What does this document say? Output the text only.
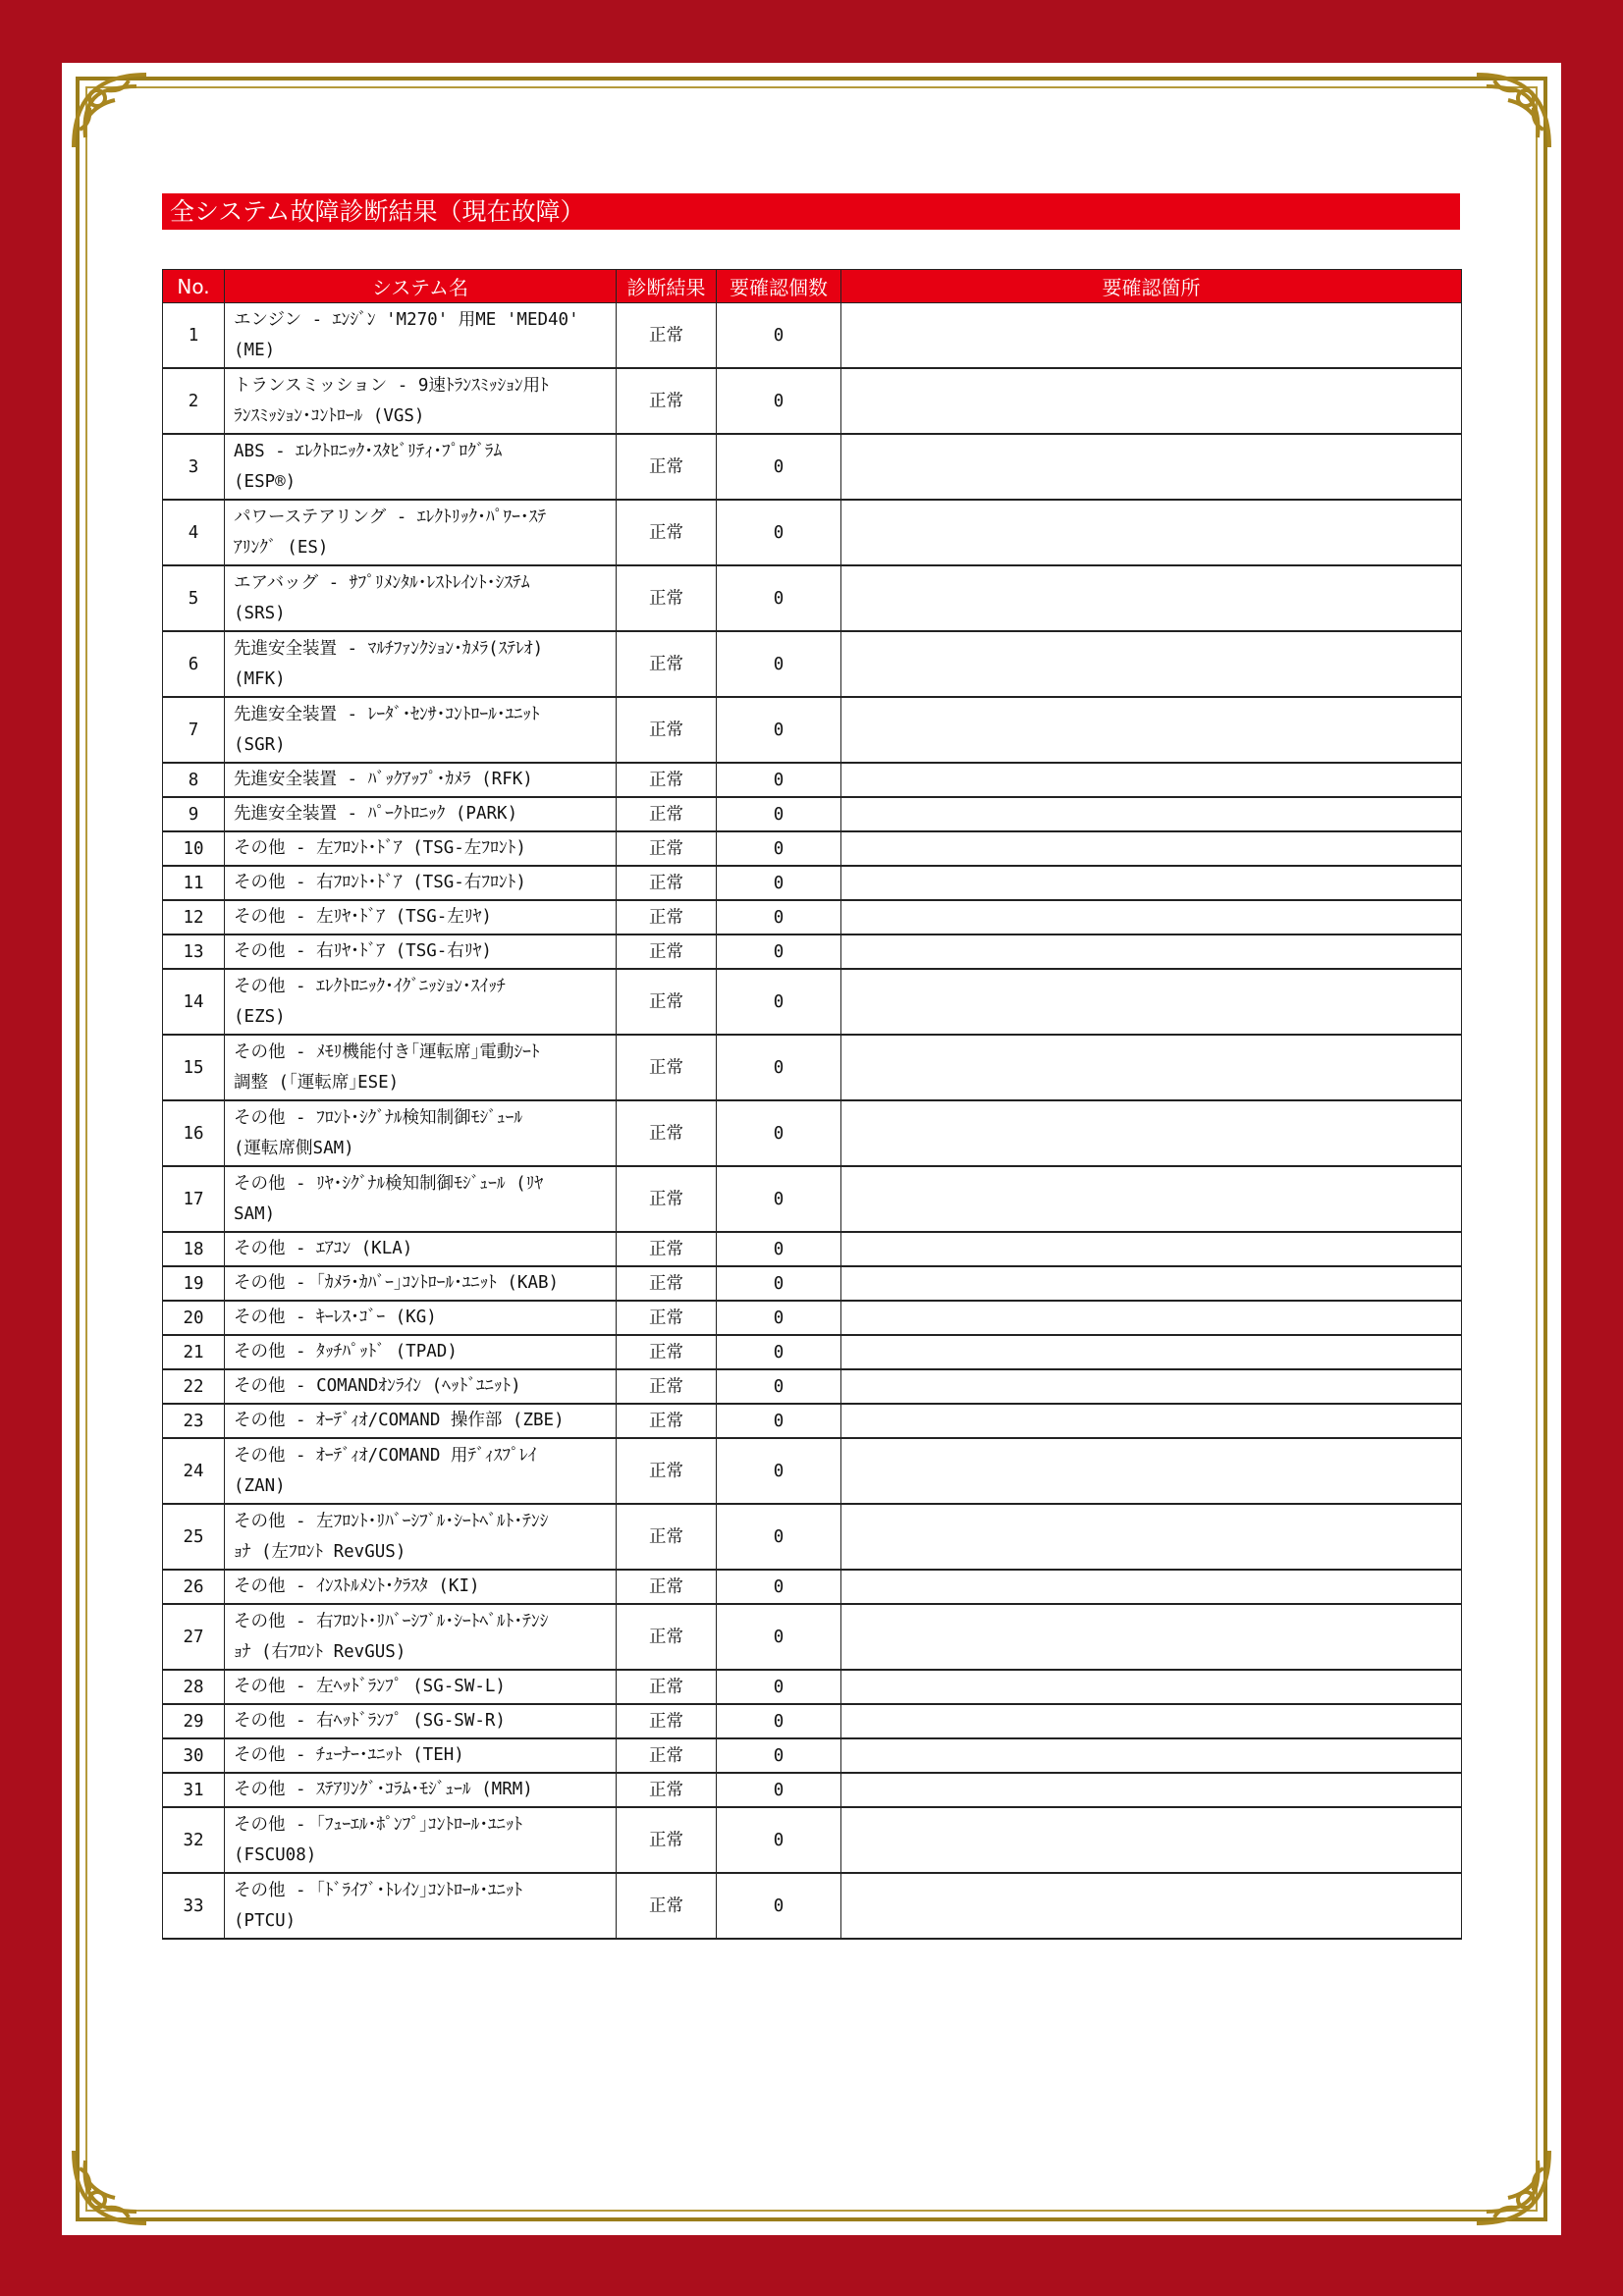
全システム故障診断結果（現在故障）
No.	システム名	診断結果	要確認個数	要確認箇所
1	エンジン - ｴﾝｼﾞﾝ 'M270' 用ME 'MED40'
(ME)	正常	0	
2	トランスミッション - 9速ﾄﾗﾝｽﾐｯｼｮﾝ用ﾄ
ﾗﾝｽﾐｯｼｮﾝ･ｺﾝﾄﾛｰﾙ (VGS)	正常	0	
3	ABS - ｴﾚｸﾄﾛﾆｯｸ･ｽﾀﾋﾞﾘﾃｨ･ﾌﾟﾛｸﾞﾗﾑ
(ESP®)	正常	0	
4	パワーステアリング - ｴﾚｸﾄﾘｯｸ･ﾊﾟﾜｰ･ｽﾃ
ｱﾘﾝｸﾞ (ES)	正常	0	
5	エアバッグ - ｻﾌﾟﾘﾒﾝﾀﾙ･ﾚｽﾄﾚｲﾝﾄ･ｼｽﾃﾑ
(SRS)	正常	0	
6	先進安全装置 - ﾏﾙﾁﾌｧﾝｸｼｮﾝ･ｶﾒﾗ(ｽﾃﾚｵ)
(MFK)	正常	0	
7	先進安全装置 - ﾚｰﾀﾞ･ｾﾝｻ･ｺﾝﾄﾛｰﾙ･ﾕﾆｯﾄ
(SGR)	正常	0	
8	先進安全装置 - ﾊﾞｯｸｱｯﾌﾟ･ｶﾒﾗ (RFK)	正常	0	
9	先進安全装置 - ﾊﾟｰｸﾄﾛﾆｯｸ (PARK)	正常	0	
10	その他 - 左ﾌﾛﾝﾄ･ﾄﾞｱ (TSG-左ﾌﾛﾝﾄ)	正常	0	
11	その他 - 右ﾌﾛﾝﾄ･ﾄﾞｱ (TSG-右ﾌﾛﾝﾄ)	正常	0	
12	その他 - 左ﾘﾔ･ﾄﾞｱ (TSG-左ﾘﾔ)	正常	0	
13	その他 - 右ﾘﾔ･ﾄﾞｱ (TSG-右ﾘﾔ)	正常	0	
14	その他 - ｴﾚｸﾄﾛﾆｯｸ･ｲｸﾞﾆｯｼｮﾝ･ｽｲｯﾁ
(EZS)	正常	0	
15	その他 - ﾒﾓﾘ機能付き｢運転席｣電動ｼｰﾄ
調整 (｢運転席｣ESE)	正常	0	
16	その他 - ﾌﾛﾝﾄ･ｼｸﾞﾅﾙ検知制御ﾓｼﾞｭｰﾙ
(運転席側SAM)	正常	0	
17	その他 - ﾘﾔ･ｼｸﾞﾅﾙ検知制御ﾓｼﾞｭｰﾙ (ﾘﾔ
SAM)	正常	0	
18	その他 - ｴｱｺﾝ (KLA)	正常	0	
19	その他 - ｢ｶﾒﾗ･ｶﾊﾞｰ｣ｺﾝﾄﾛｰﾙ･ﾕﾆｯﾄ (KAB)	正常	0	
20	その他 - ｷｰﾚｽ･ｺﾞｰ (KG)	正常	0	
21	その他 - ﾀｯﾁﾊﾟｯﾄﾞ (TPAD)	正常	0	
22	その他 - COMANDｵﾝﾗｲﾝ (ﾍｯﾄﾞﾕﾆｯﾄ)	正常	0	
23	その他 - ｵｰﾃﾞｨｵ/COMAND 操作部 (ZBE)	正常	0	
24	その他 - ｵｰﾃﾞｨｵ/COMAND 用ﾃﾞｨｽﾌﾟﾚｲ
(ZAN)	正常	0	
25	その他 - 左ﾌﾛﾝﾄ･ﾘﾊﾞｰｼﾌﾞﾙ･ｼｰﾄﾍﾞﾙﾄ･ﾃﾝｼ
ｮﾅ (左ﾌﾛﾝﾄ RevGUS)	正常	0	
26	その他 - ｲﾝｽﾄﾙﾒﾝﾄ･ｸﾗｽﾀ (KI)	正常	0	
27	その他 - 右ﾌﾛﾝﾄ･ﾘﾊﾞｰｼﾌﾞﾙ･ｼｰﾄﾍﾞﾙﾄ･ﾃﾝｼ
ｮﾅ (右ﾌﾛﾝﾄ RevGUS)	正常	0	
28	その他 - 左ﾍｯﾄﾞﾗﾝﾌﾟ (SG-SW-L)	正常	0	
29	その他 - 右ﾍｯﾄﾞﾗﾝﾌﾟ (SG-SW-R)	正常	0	
30	その他 - ﾁｭｰﾅｰ･ﾕﾆｯﾄ (TEH)	正常	0	
31	その他 - ｽﾃｱﾘﾝｸﾞ･ｺﾗﾑ･ﾓｼﾞｭｰﾙ (MRM)	正常	0	
32	その他 - ｢ﾌｭｰｴﾙ･ﾎﾟﾝﾌﾟ｣ｺﾝﾄﾛｰﾙ･ﾕﾆｯﾄ
(FSCU08)	正常	0	
33	その他 - ｢ﾄﾞﾗｲﾌﾞ･ﾄﾚｲﾝ｣ｺﾝﾄﾛｰﾙ･ﾕﾆｯﾄ
(PTCU)	正常	0	
